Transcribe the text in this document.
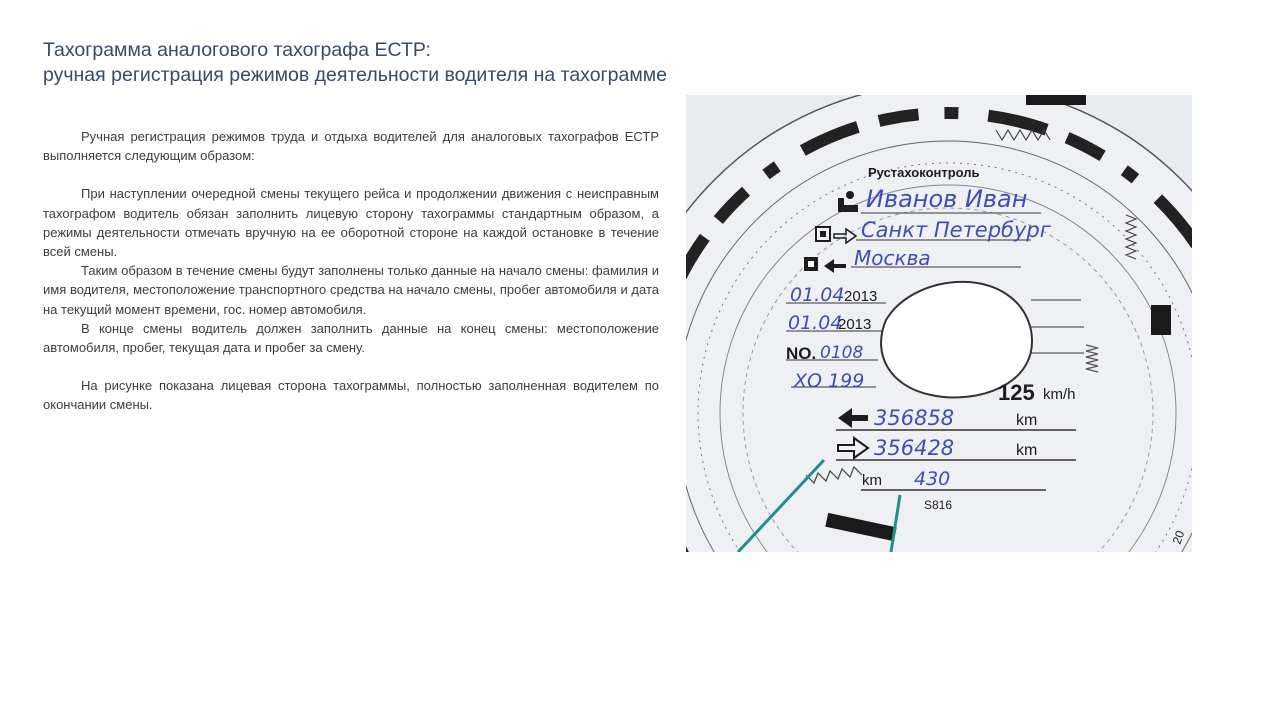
Тахограмма аналогового тахографа ЕСТР:
ручная регистрация режимов деятельности водителя на тахограмме

Ручная регистрация режимов труда и отдыха водителей для аналоговых тахографов ЕСТР выполняется следующим образом:

При наступлении очередной смены текущего рейса и продолжении движения с неисправным тахографом водитель обязан заполнить лицевую сторону тахограммы стандартным образом, а режимы деятельности отмечать вручную на ее оборотной стороне на каждой остановке в течение всей смены.

Таким образом в течение смены будут заполнены только данные на начало смены: фамилия и имя водителя, местоположение транспортного средства на начало смены, пробег автомобиля и дата на текущий момент времени, гос. номер автомобиля.

В конце смены водитель должен заполнить данные на конец смены: местоположение автомобиля, пробег, текущая дата и пробег за смену.

На рисунке показана лицевая сторона тахограммы, полностью заполненная водителем по окончании смены.

Рустахоконтроль
Иванов Иван
Санкт Петербург
Москва
01.04 2013
01.04
2013
NO. 0108
ХО 199	125 km/h
356858	km
356428	km
km 430
S816
20
